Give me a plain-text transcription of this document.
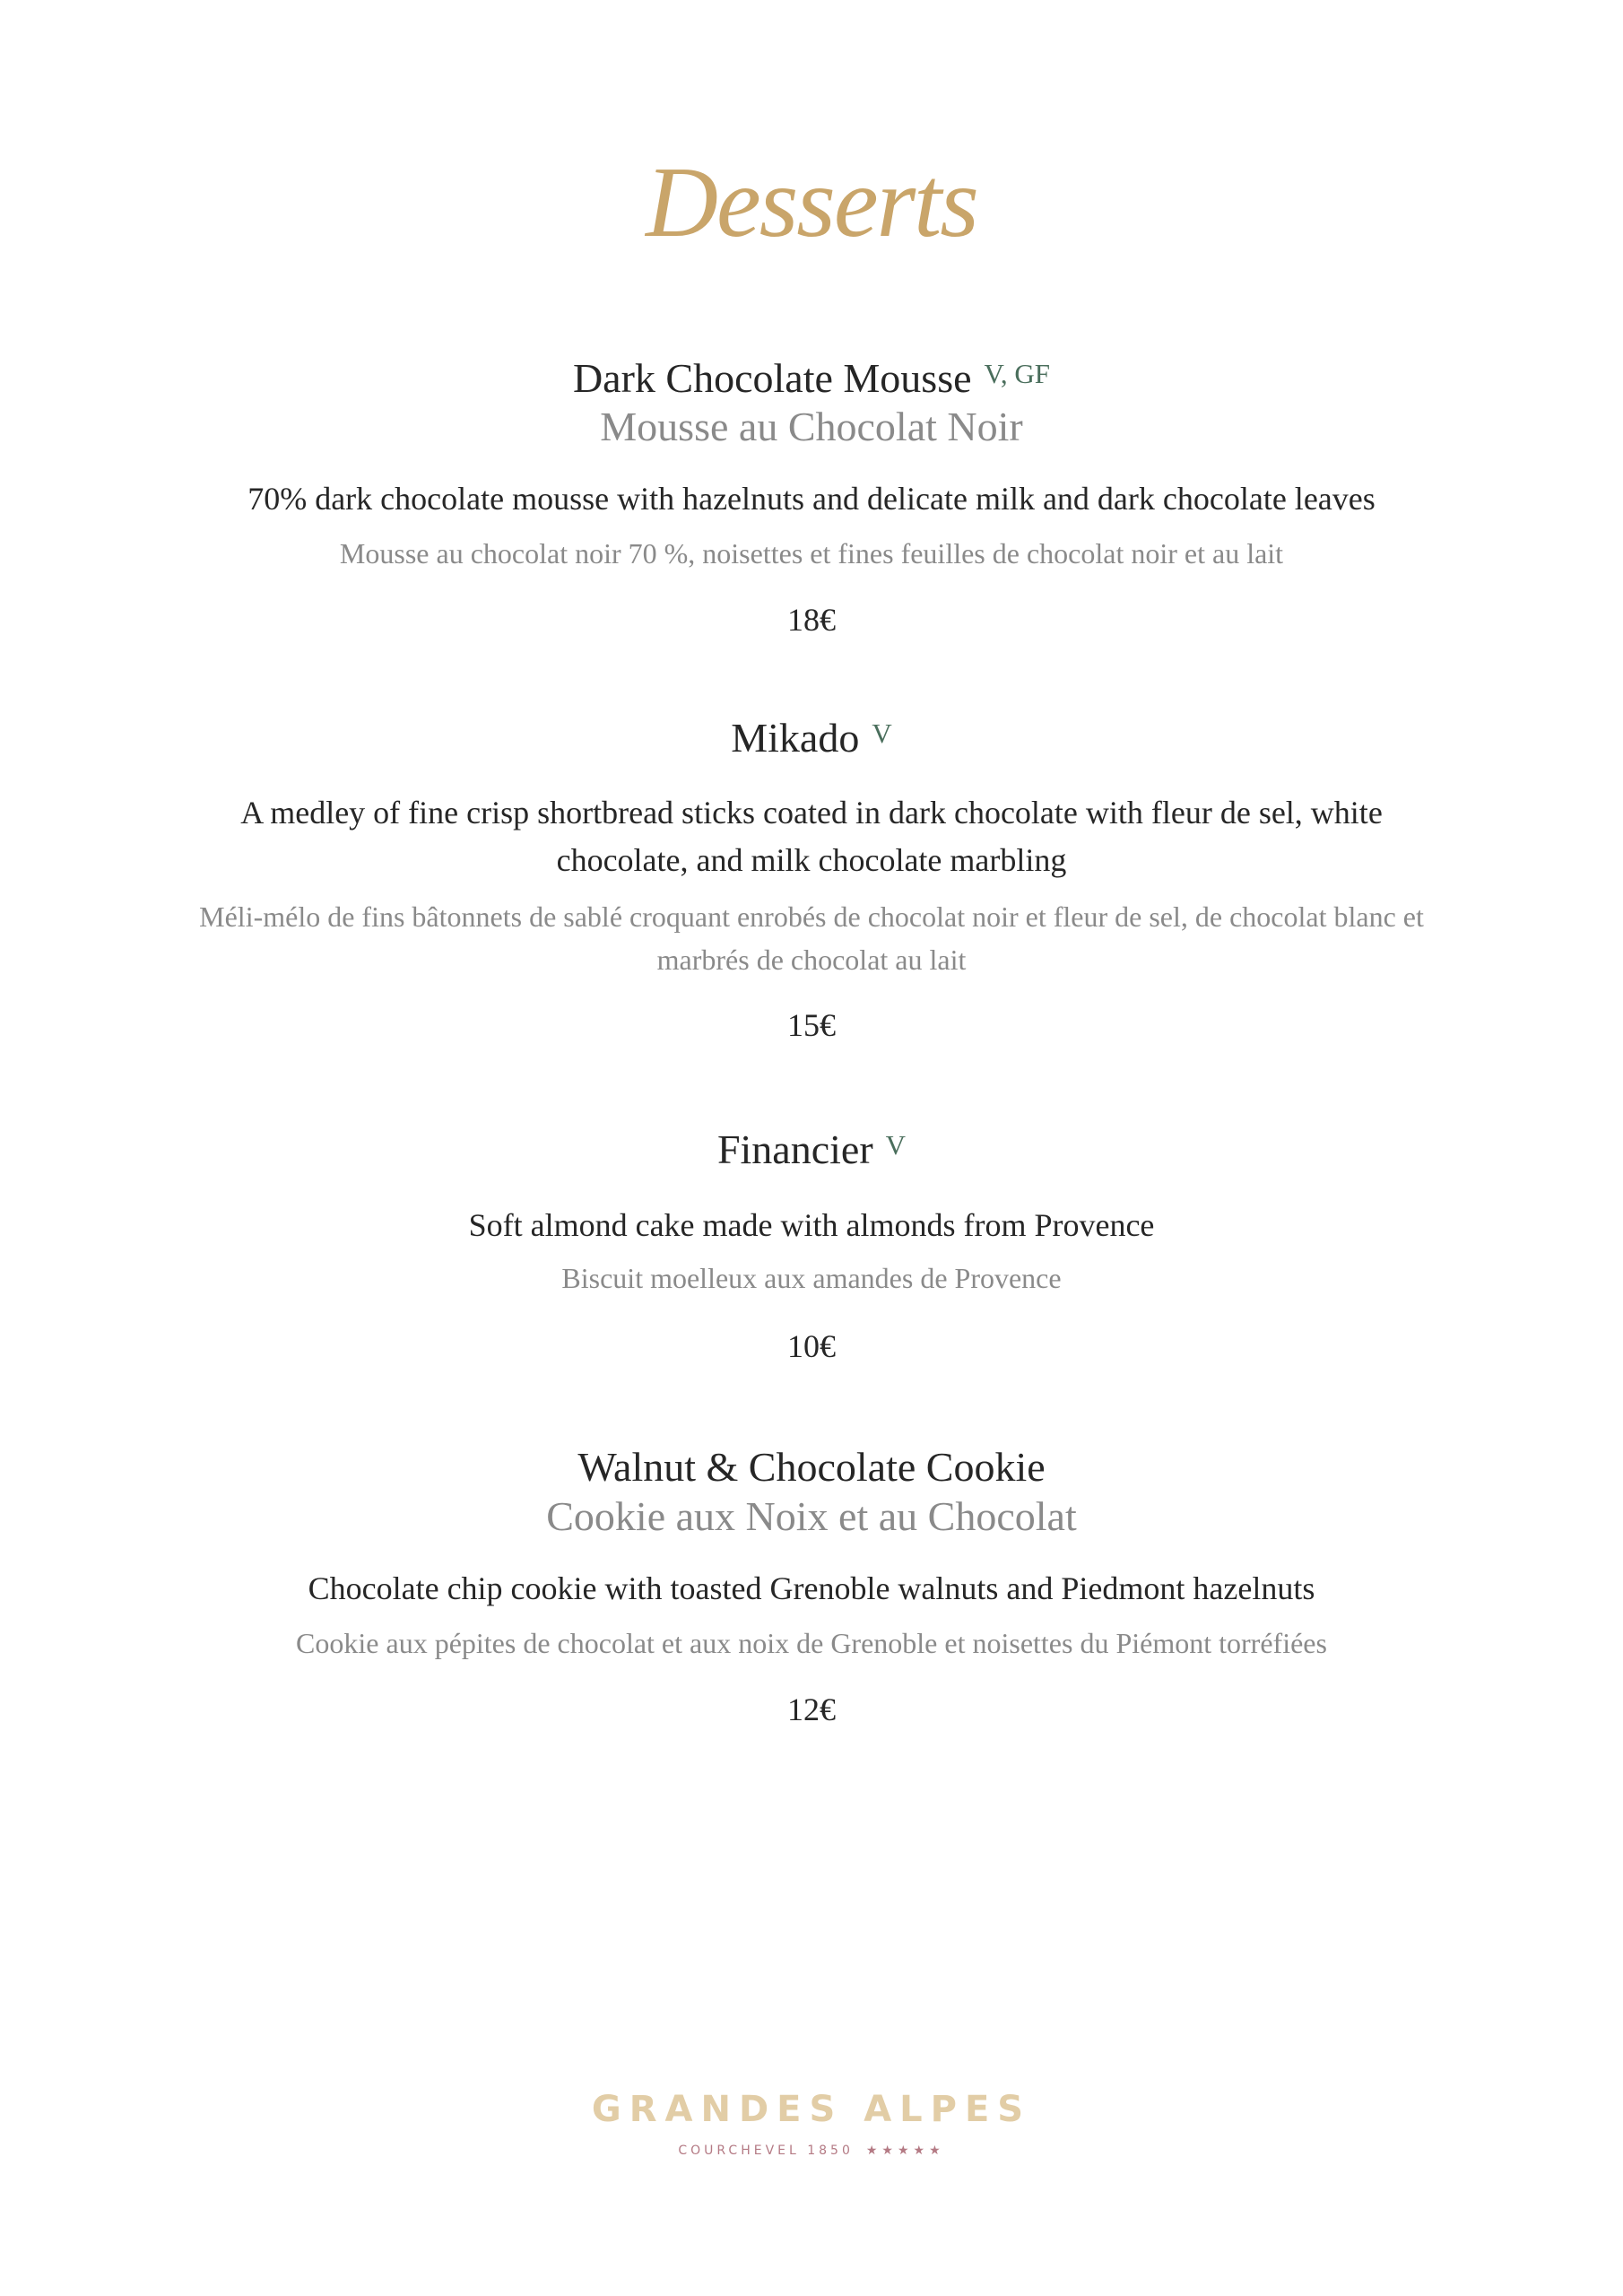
Desserts
Dark Chocolate Mousse $^{V, GF}$
Mousse au Chocolat Noir
70% dark chocolate mousse with hazelnuts and delicate milk and dark chocolate leaves
Mousse au chocolat noir 70 %, noisettes et fines feuilles de chocolat noir et au lait
18€
Mikado $^V$
A medley of fine crisp shortbread sticks coated in dark chocolate with fleur de sel, white
chocolate, and milk chocolate marbling
Méli-mélo de fins bâtonnets de sablé croquant enrobés de chocolat noir et fleur de sel, de chocolat blanc et
marbrés de chocolat au lait
15€
Financier $^V$
Soft almond cake made with almonds from Provence
Biscuit moelleux aux amandes de Provence
10€
Walnut & Chocolate Cookie
Cookie aux Noix et au Chocolat
Chocolate chip cookie with toasted Grenoble walnuts and Piedmont hazelnuts
Cookie aux pépites de chocolat et aux noix de Grenoble et noisettes du Piémont torréfiées
12€
GRANDES ALPES
COURCHEVEL 1850 ★★★★★
